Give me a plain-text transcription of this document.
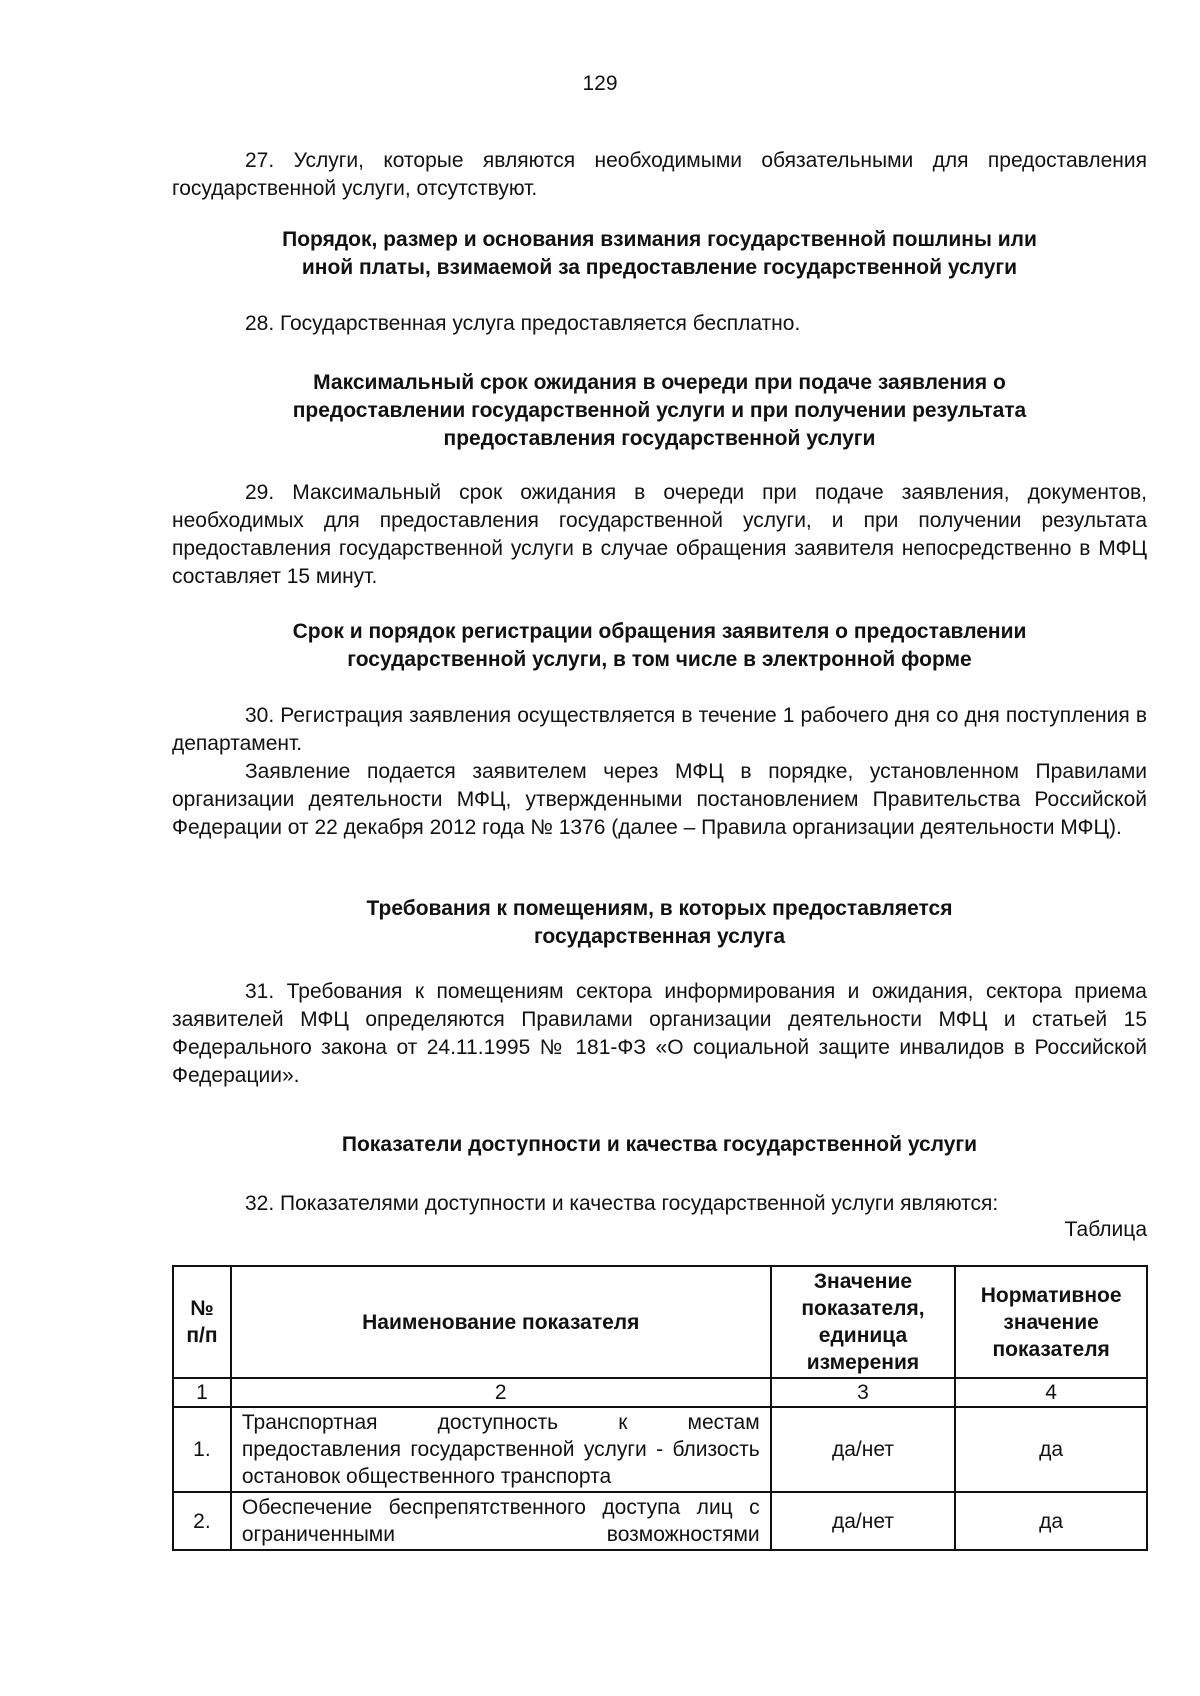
129

27. Услуги, которые являются необходимыми обязательными для предоставления государственной услуги, отсутствуют.

Порядок, размер и основания взимания государственной пошлины или
иной платы, взимаемой за предоставление государственной услуги

28. Государственная услуга предоставляется бесплатно.

Максимальный срок ожидания в очереди при подаче заявления о
предоставлении государственной услуги и при получении результата
предоставления государственной услуги

29. Максимальный срок ожидания в очереди при подаче заявления, документов, необходимых для предоставления государственной услуги, и при получении результата предоставления государственной услуги в случае обращения заявителя непосредственно в МФЦ составляет 15 минут.

Срок и порядок регистрации обращения заявителя о предоставлении
государственной услуги, в том числе в электронной форме

30. Регистрация заявления осуществляется в течение 1 рабочего дня со дня поступления в департамент.

Заявление подается заявителем через МФЦ в порядке, установленном Правилами организации деятельности МФЦ, утвержденными постановлением Правительства Российской Федерации от 22 декабря 2012 года № 1376 (далее – Правила организации деятельности МФЦ).

Требования к помещениям, в которых предоставляется
государственная услуга

31. Требования к помещениям сектора информирования и ожидания, сектора приема заявителей МФЦ определяются Правилами организации деятельности МФЦ и статьей 15 Федерального закона от 24.11.1995 № 181-ФЗ «О социальной защите инвалидов в Российской Федерации».

Показатели доступности и качества государственной услуги

32. Показателями доступности и качества государственной услуги являются:

Таблица
№ п/п	Наименование показателя	Значение показателя, единица измерения	Нормативное значение показателя
1	2	3	4
1.	Транспортная доступность к местам предоставления государственной услуги - близость остановок общественного транспорта	да/нет	да
2.	Обеспечение беспрепятственного доступа лиц с ограниченными возможностями	да/нет	да
